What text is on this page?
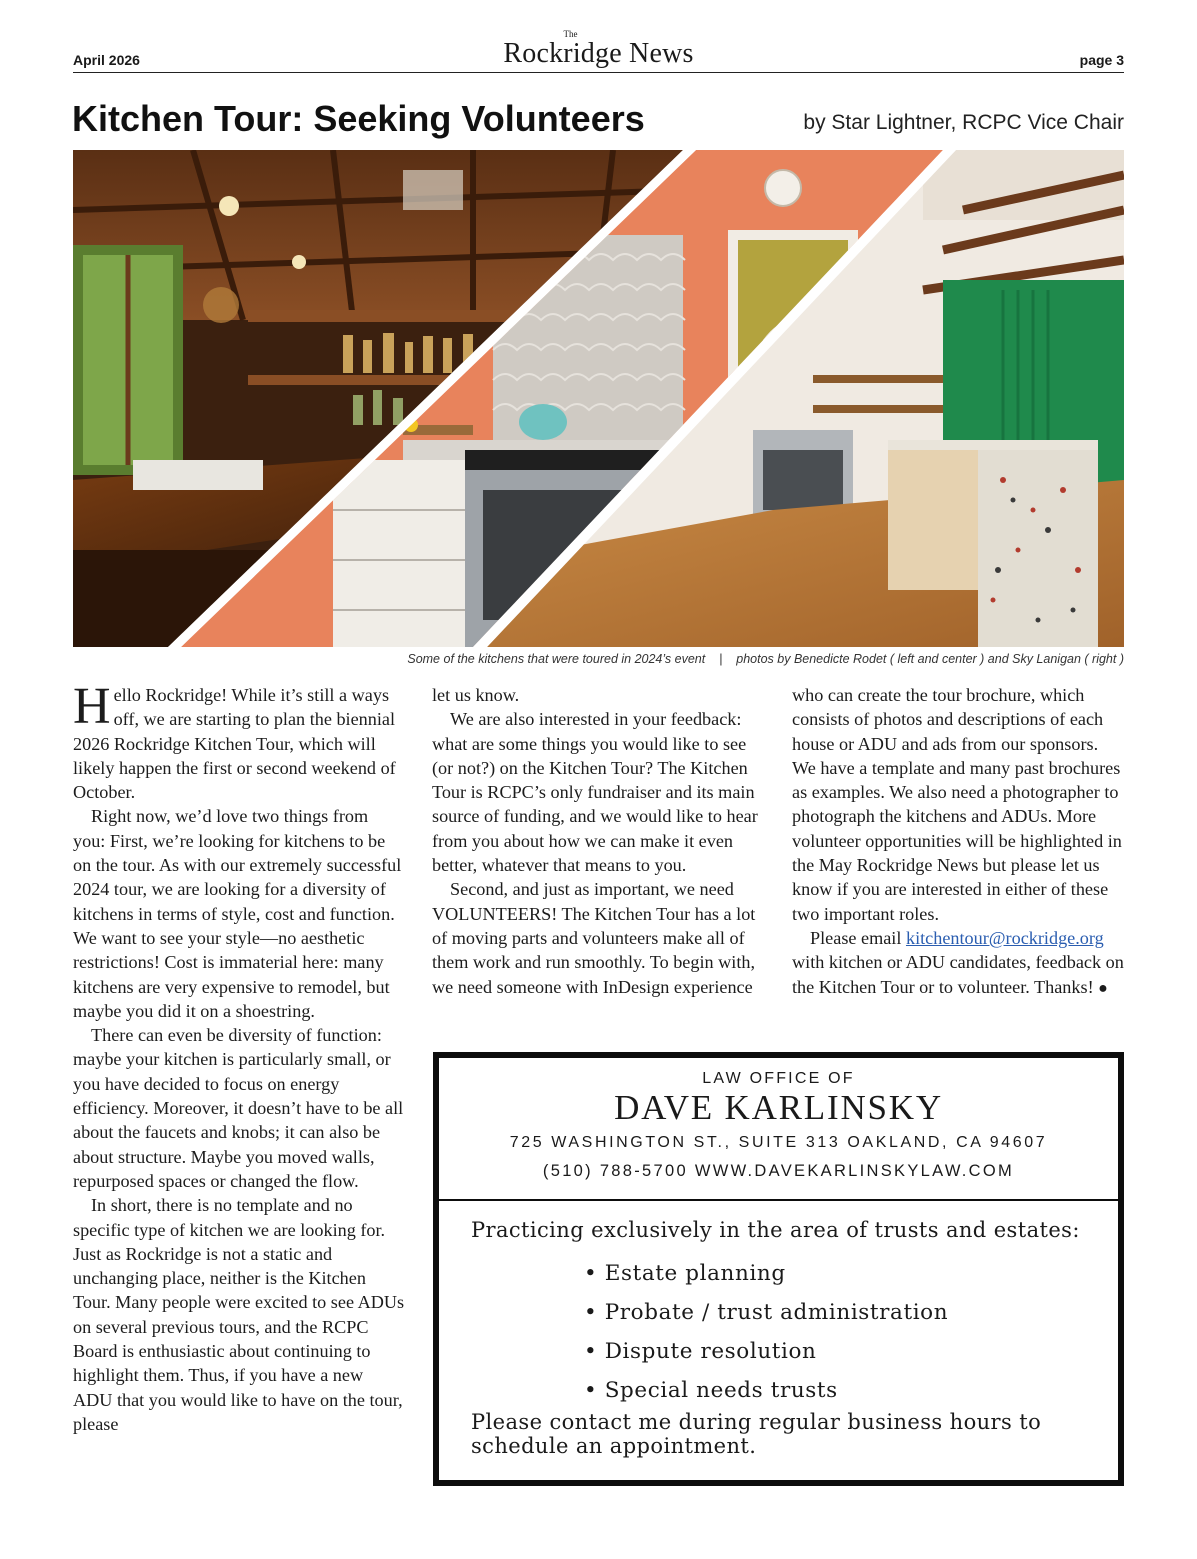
April 2026
The
Rockridge News	page 3
Kitchen Tour: Seeking Volunteers	by Star Lightner, RCPC Vice Chair
Some of the kitchens that were toured in 2024’s event    |    photos by Benedicte Rodet ( left and center ) and Sky Lanigan ( right )

Hello Rockridge! While it’s still a ways off, we are starting to plan the biennial 2026 Rockridge Kitchen Tour, which will likely happen the first or second weekend of October.

Right now, we’d love two things from you: First, we’re looking for kitchens to be on the tour. As with our extremely successful 2024 tour, we are looking for a diversity of kitchens in terms of style, cost and function. We want to see your style—no aesthetic restrictions! Cost is immaterial here: many kitchens are very expensive to remodel, but maybe you did it on a shoestring.

There can even be diversity of function: maybe your kitchen is particularly small, or you have decided to focus on energy efficiency. Moreover, it doesn’t have to be all about the faucets and knobs; it can also be about structure. Maybe you moved walls, repurposed spaces or changed the flow.

In short, there is no template and no specific type of kitchen we are looking for. Just as Rockridge is not a static and unchanging place, neither is the Kitchen Tour. Many people were excited to see ADUs on several previous tours, and the RCPC Board is enthusiastic about continuing to highlight them. Thus, if you have a new ADU that you would like to have on the tour, please

let us know.

We are also interested in your feedback: what are some things you would like to see (or not?) on the Kitchen Tour? The Kitchen Tour is RCPC’s only fundraiser and its main source of funding, and we would like to hear from you about how we can make it even better, whatever that means to you.

Second, and just as important, we need VOLUNTEERS! The Kitchen Tour has a lot of moving parts and volunteers make all of them work and run smoothly. To begin with, we need someone with InDesign experience

who can create the tour brochure, which consists of photos and descriptions of each house or ADU and ads from our sponsors. We have a template and many past brochures as examples. We also need a photographer to photograph the kitchens and ADUs. More volunteer opportunities will be highlighted in the May Rockridge News but please let us know if you are interested in either of these two important roles.

Please email kitchentour@rockridge.org with kitchen or ADU candidates, feedback on the Kitchen Tour or to volunteer. Thanks! ●

LAW OFFICE OF
DAVE KARLINSKY
725 WASHINGTON ST., SUITE 313 OAKLAND, CA 94607
(510) 788-5700 WWW.DAVEKARLINSKYLAW.COM
Practicing exclusively in the area of trusts and estates:
• Estate planning
• Probate / trust administration
• Dispute resolution
• Special needs trusts
Please contact me during regular business hours to schedule an appointment.
